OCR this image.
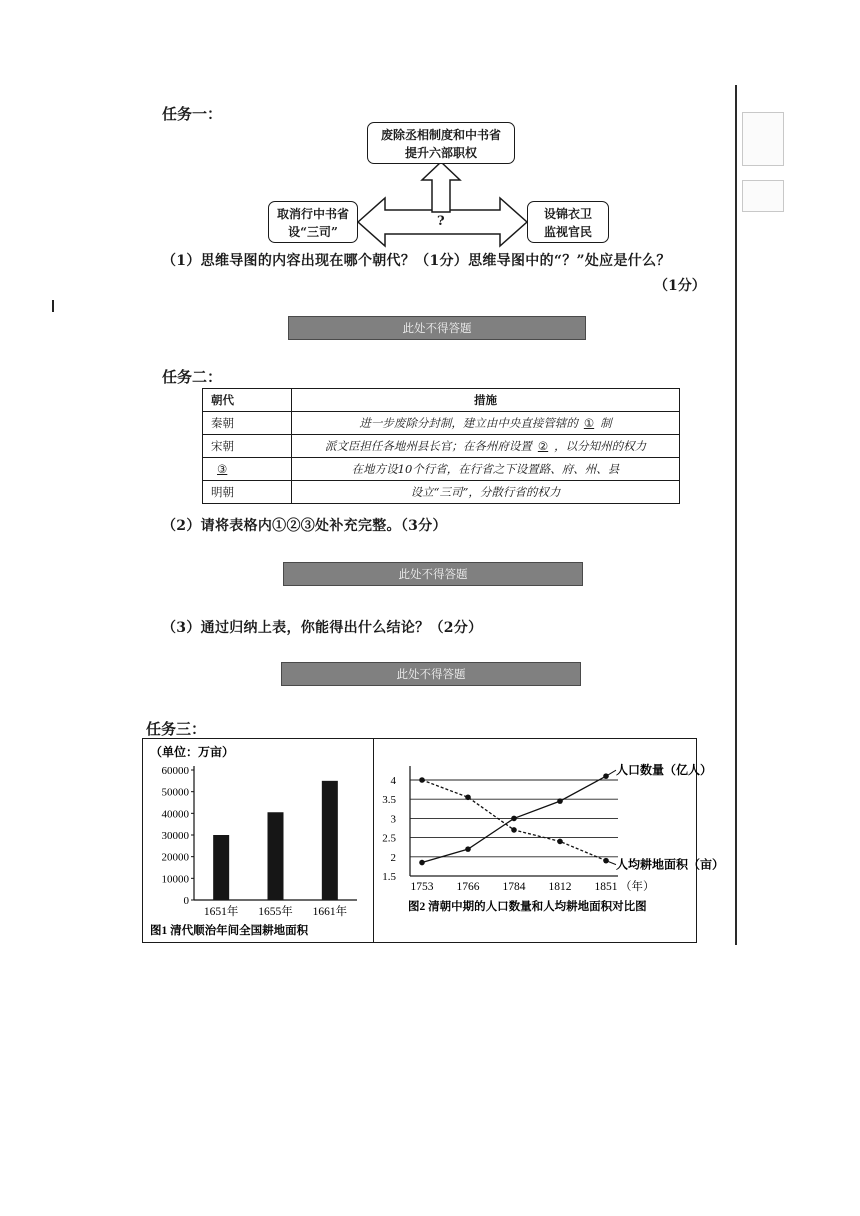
任务一：
废除丞相制度和中书省
提升六部职权
取消行中书省
设“三司”
设锦衣卫
监视官民
?
（1）思维导图的内容出现在哪个朝代？（1分）思维导图中的“？”处应是什么？
（1分）
此处不得答题
任务二：
朝代	措施
秦朝	进一步废除分封制，建立由中央直接管辖的 ① 制
宋朝	派文臣担任各地州县长官；在各州府设置 ② ，以分知州的权力
③	在地方设10个行省，在行省之下设置路、府、州、县
明朝	设立“三司”，分散行省的权力
（2）请将表格内①②③处补充完整。（3分）
此处不得答题
（3）通过归纳上表，你能得出什么结论？（2分）
此处不得答题
任务三：
（单位：万亩）
0
10000
20000
30000
40000
50000
60000
1651年 1655年 1661年
图1 清代顺治年间全国耕地面积
1.5
2
2.5
3
3.5
4
1753 1766 1784 1812 1851 （年）
人口数量（亿人）
人均耕地面积（亩）
图2 清朝中期的人口数量和人均耕地面积对比图
